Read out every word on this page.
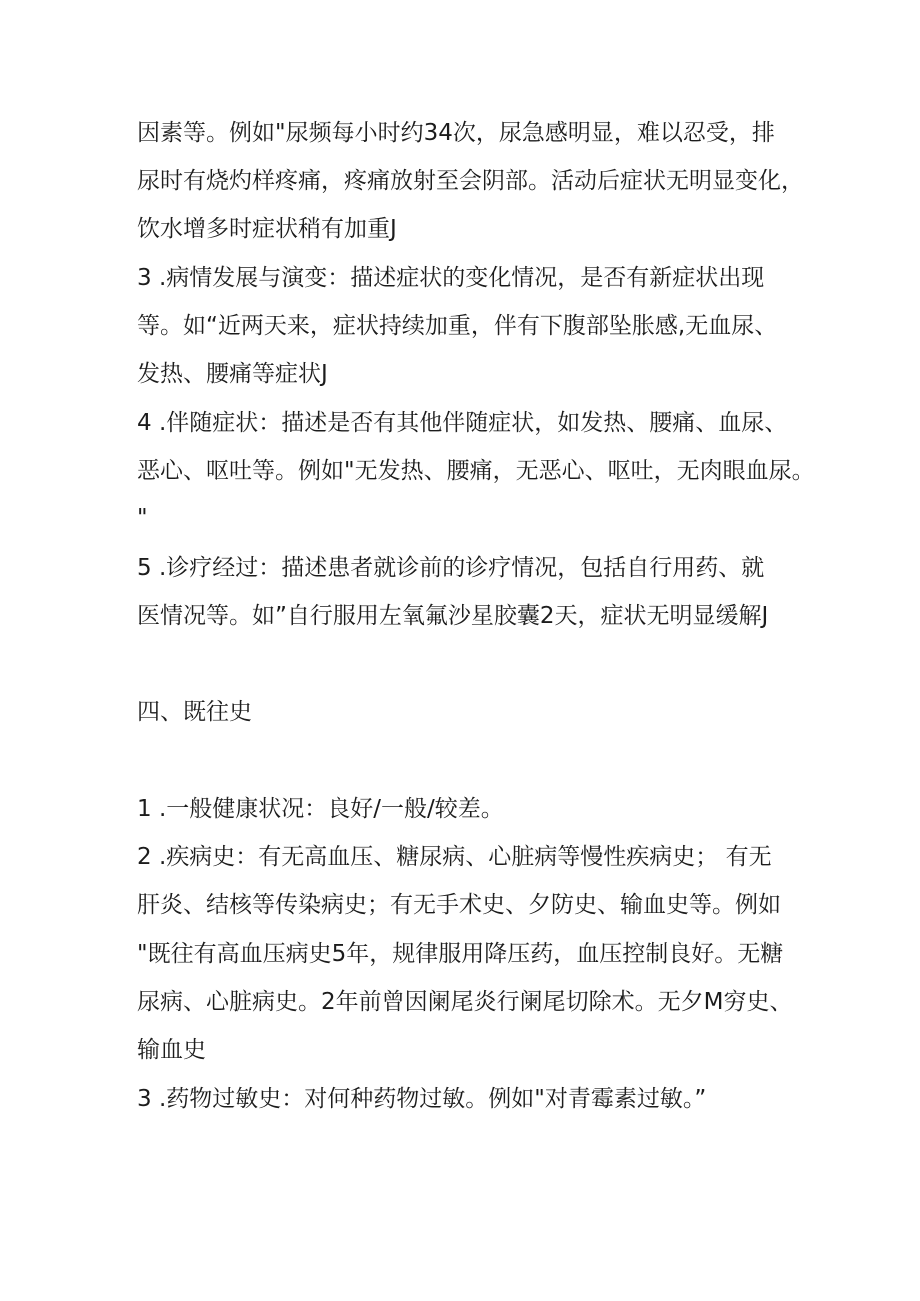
因素等。例如"尿频每小时约34次，尿急感明显，难以忍受，排
尿时有烧灼样疼痛，疼痛放射至会阴部。活动后症状无明显变化，
饮水增多时症状稍有加重J
3 .病情发展与演变：描述症状的变化情况，是否有新症状出现
等。如“近两天来，症状持续加重，伴有下腹部坠胀感,无血尿、
发热、腰痛等症状J
4 .伴随症状：描述是否有其他伴随症状，如发热、腰痛、血尿、
恶心、呕吐等。例如"无发热、腰痛，无恶心、呕吐，无肉眼血尿。
"
5 .诊疗经过：描述患者就诊前的诊疗情况，包括自行用药、就
医情况等。如”自行服用左氧氟沙星胶囊2天，症状无明显缓解J
四、既往史
1 .一般健康状况：良好/一般/较差。
2 .疾病史：有无高血压、糖尿病、心脏病等慢性疾病史； 有无
肝炎、结核等传染病史；有无手术史、夕防史、输血史等。例如
"既往有高血压病史5年，规律服用降压药，血压控制良好。无糖
尿病、心脏病史。2年前曾因阑尾炎行阑尾切除术。无夕M穷史、
输血史
3 .药物过敏史：对何种药物过敏。例如"对青霉素过敏。”
